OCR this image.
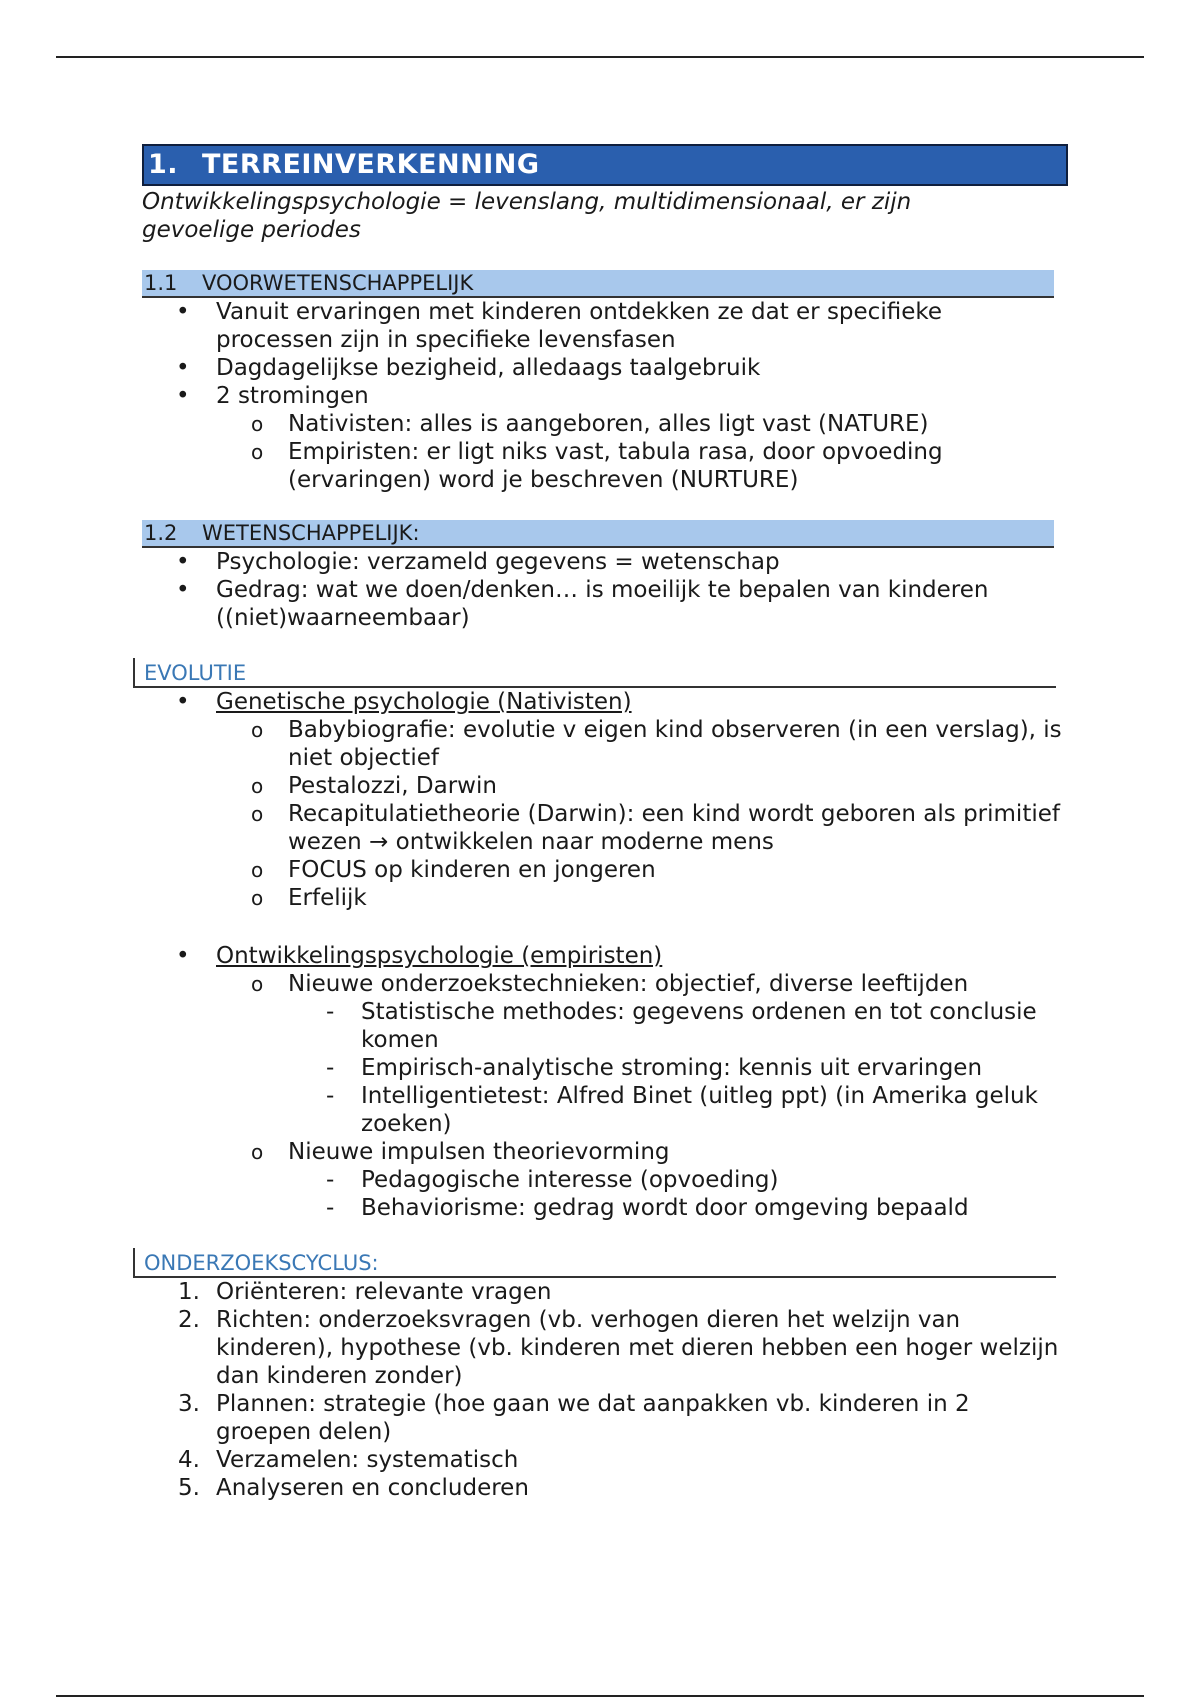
1. TERREINVERKENNING
Ontwikkelingspsychologie = levenslang, multidimensionaal, er zijn gevoelige periodes
1.1 VOORWETENSCHAPPELIJK
• Vanuit ervaringen met kinderen ontdekken ze dat er specifieke processen zijn in specifieke levensfasen
• Dagdagelijkse bezigheid, alledaags taalgebruik
• 2 stromingen
o Nativisten: alles is aangeboren, alles ligt vast (NATURE)
o Empiristen: er ligt niks vast, tabula rasa, door opvoeding (ervaringen) word je beschreven (NURTURE)
1.2 WETENSCHAPPELIJK:
• Psychologie: verzameld gegevens = wetenschap
• Gedrag: wat we doen/denken… is moeilijk te bepalen van kinderen ((niet)waarneembaar)
EVOLUTIE
• Genetische psychologie (Nativisten)
o Babybiografie: evolutie v eigen kind observeren (in een verslag), is niet objectief
o Pestalozzi, Darwin
o Recapitulatietheorie (Darwin): een kind wordt geboren als primitief wezen → ontwikkelen naar moderne mens
o FOCUS op kinderen en jongeren
o Erfelijk
• Ontwikkelingspsychologie (empiristen)
o Nieuwe onderzoekstechnieken: objectief, diverse leeftijden
- Statistische methodes: gegevens ordenen en tot conclusie komen
- Empirisch-analytische stroming: kennis uit ervaringen
- Intelligentietest: Alfred Binet (uitleg ppt) (in Amerika geluk zoeken)
o Nieuwe impulsen theorievorming
- Pedagogische interesse (opvoeding)
- Behaviorisme: gedrag wordt door omgeving bepaald
ONDERZOEKSCYCLUS:
1. Oriënteren: relevante vragen
2. Richten: onderzoeksvragen (vb. verhogen dieren het welzijn van kinderen), hypothese (vb. kinderen met dieren hebben een hoger welzijn dan kinderen zonder)
3. Plannen: strategie (hoe gaan we dat aanpakken vb. kinderen in 2 groepen delen)
4. Verzamelen: systematisch
5. Analyseren en concluderen
